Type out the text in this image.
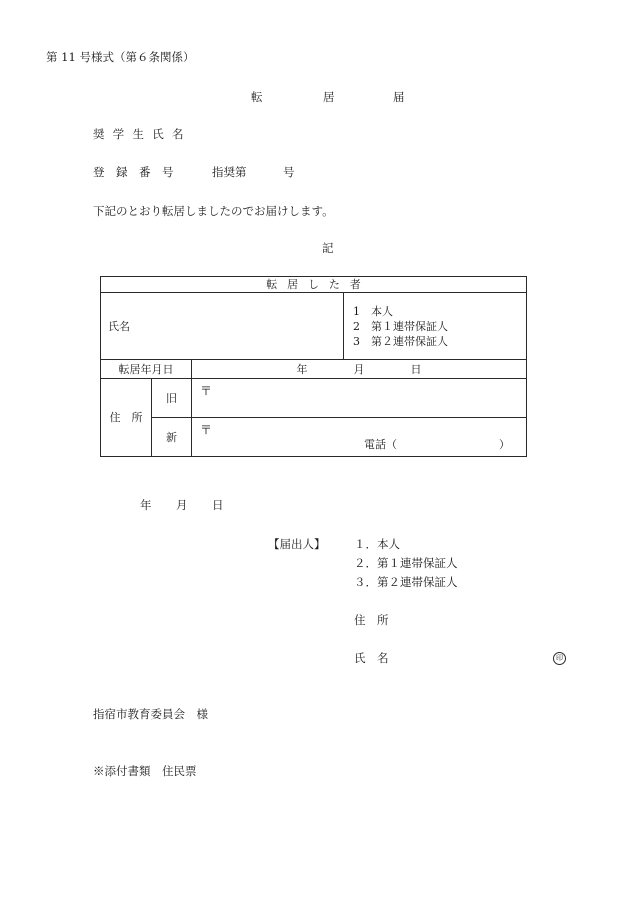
第 11 号様式（第６条関係）
転	居	届
奨 学 生 氏 名
登　録　番　号	指奨第	号
下記のとおり転居しましたのでお届けします。
記
転居した者			
氏名			1　本人
2　第１連帯保証人
3　第２連帯保証人

転居年月日		年 月 日	
住　所	旧	〒	

	新	〒
電話（ ）	
年 月 日
【届出人】 １．本人
２．第１連帯保証人
３．第２連帯保証人
住　所
氏　名	印
指宿市教育委員会　様
※添付書類　住民票
